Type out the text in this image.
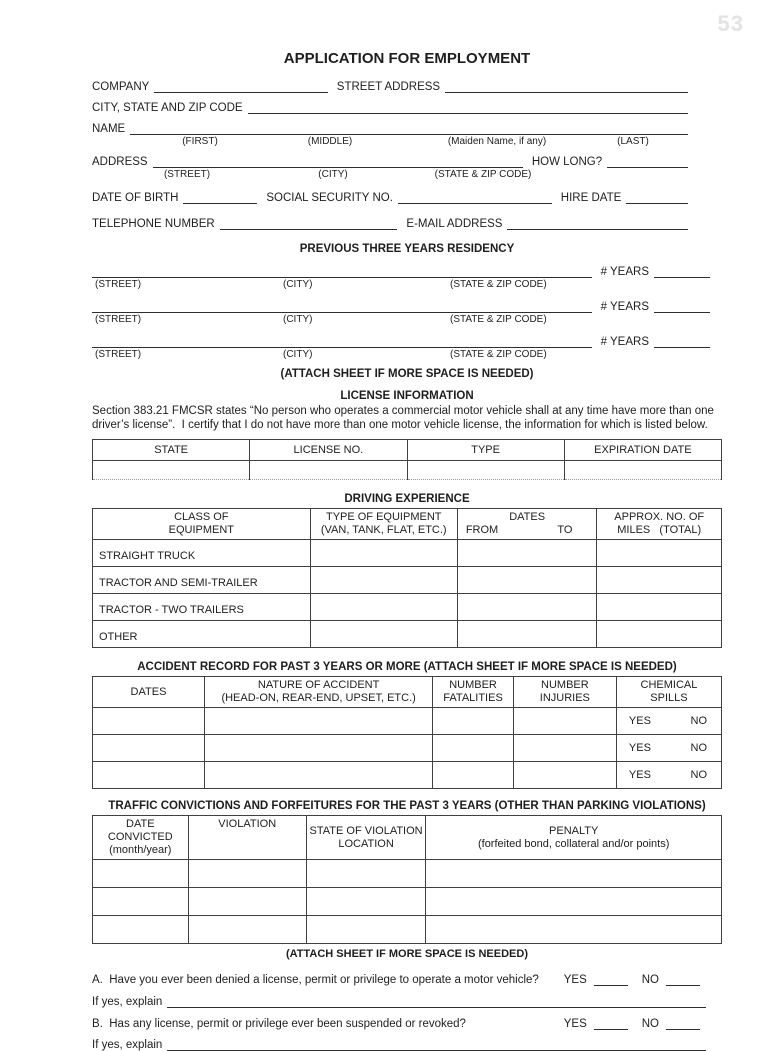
53
APPLICATION FOR EMPLOYMENT
COMPANY	STREET ADDRESS
CITY, STATE AND ZIP CODE
NAME
(FIRST)	(MIDDLE)	(Maiden Name, if any)	(LAST)
ADDRESS	HOW LONG?
(STREET)	(CITY)	(STATE & ZIP CODE)
DATE OF BIRTH	SOCIAL SECURITY NO.	HIRE DATE
TELEPHONE NUMBER	E-MAIL ADDRESS
PREVIOUS THREE YEARS RESIDENCY
# YEARS
(STREET)	(CITY)	(STATE & ZIP CODE)
# YEARS
(STREET)	(CITY)	(STATE & ZIP CODE)
# YEARS
(STREET)	(CITY)	(STATE & ZIP CODE)
(ATTACH SHEET IF MORE SPACE IS NEEDED)
LICENSE INFORMATION
Section 383.21 FMCSR states “No person who operates a commercial motor vehicle shall at any time have more than one driver’s license”.  I certify that I do not have more than one motor vehicle license, the information for which is listed below.
STATE	LICENSE NO.	TYPE	EXPIRATION DATE

DRIVING EXPERIENCE
CLASS OF
EQUIPMENT

TYPE OF EQUIPMENT
(VAN, TANK, FLAT, ETC.)

DATES
FROM	TO

APPROX. NO. OF
MILES   (TOTAL)

STRAIGHT TRUCK			
TRACTOR AND SEMI-TRAILER			
TRACTOR - TWO TRAILERS			
OTHER			
ACCIDENT RECORD FOR PAST 3 YEARS OR MORE (ATTACH SHEET IF MORE SPACE IS NEEDED)
DATES	
NATURE OF ACCIDENT
(HEAD-ON, REAR-END, UPSET, ETC.)

NUMBER
FATALITIES

NUMBER
INJURIES

CHEMICAL
SPILLS

				YES NO

				YES NO

				YES NO
TRAFFIC CONVICTIONS AND FORFEITURES FOR THE PAST 3 YEARS (OTHER THAN PARKING VIOLATIONS)
DATE CONVICTED
(month/year)

VIOLATION

STATE OF VIOLATION
LOCATION

PENALTY
(forfeited bond, collateral and/or points)

(ATTACH SHEET IF MORE SPACE IS NEEDED)
A.  Have you ever been denied a license, permit or privilege to operate a motor vehicle?	YES	NO
If yes, explain
B.  Has any license, permit or privilege ever been suspended or revoked?	YES	NO
If yes, explain
